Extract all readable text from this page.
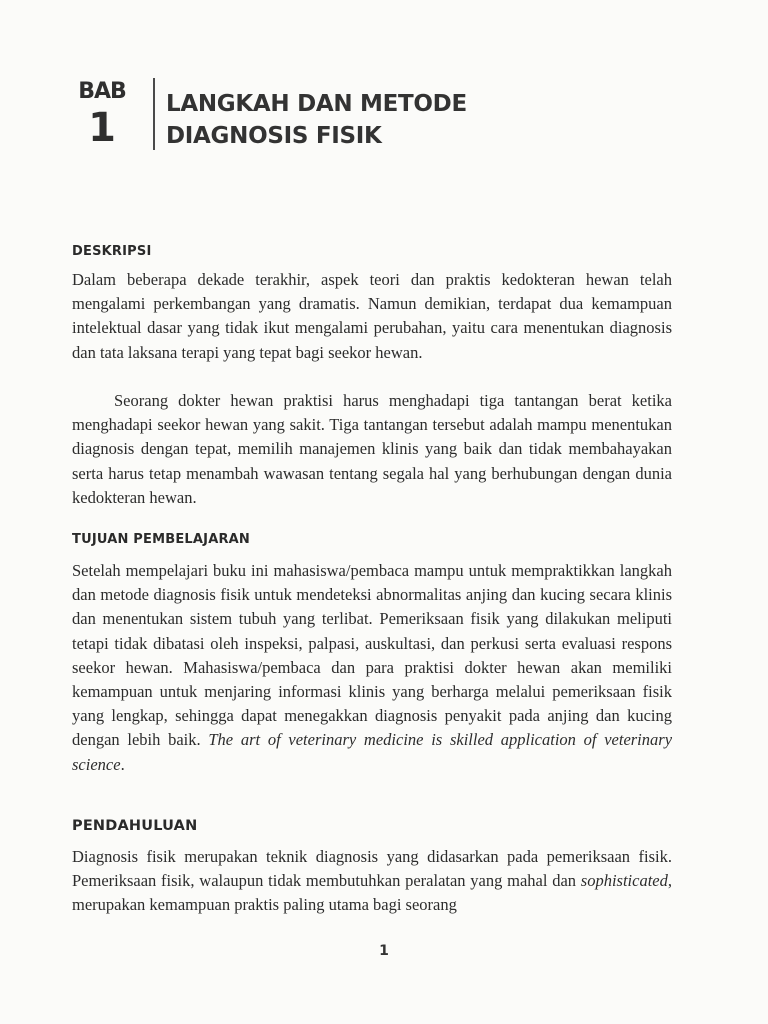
BAB
1
LANGKAH DAN METODE
DIAGNOSIS FISIK
DESKRIPSI
Dalam beberapa dekade terakhir, aspek teori dan praktis kedokteran hewan telah mengalami perkembangan yang dramatis. Namun demikian, terdapat dua kemampuan intelektual dasar yang tidak ikut mengalami perubahan, yaitu cara menentukan diagnosis dan tata laksana terapi yang tepat bagi seekor hewan.
Seorang dokter hewan praktisi harus menghadapi tiga tantangan berat ketika menghadapi seekor hewan yang sakit. Tiga tantangan tersebut adalah mampu menentukan diagnosis dengan tepat, memilih manajemen klinis yang baik dan tidak membahayakan serta harus tetap menambah wawasan tentang segala hal yang berhubungan dengan dunia kedokteran hewan.
TUJUAN PEMBELAJARAN
Setelah mempelajari buku ini mahasiswa/pembaca mampu untuk mempraktikkan langkah dan metode diagnosis fisik untuk mendeteksi abnormalitas anjing dan kucing secara klinis dan menentukan sistem tubuh yang terlibat. Pemeriksaan fisik yang dilakukan meliputi tetapi tidak dibatasi oleh inspeksi, palpasi, auskultasi, dan perkusi serta evaluasi respons seekor hewan. Mahasiswa/pembaca dan para praktisi dokter hewan akan memiliki kemampuan untuk menjaring informasi klinis yang berharga melalui pemeriksaan fisik yang lengkap, sehingga dapat menegakkan diagnosis penyakit pada anjing dan kucing dengan lebih baik. The art of veterinary medicine is skilled application of veterinary science.
PENDAHULUAN
Diagnosis fisik merupakan teknik diagnosis yang didasarkan pada pemeriksaan fisik. Pemeriksaan fisik, walaupun tidak membutuhkan peralatan yang mahal dan sophisticated, merupakan kemampuan praktis paling utama bagi seorang
1
